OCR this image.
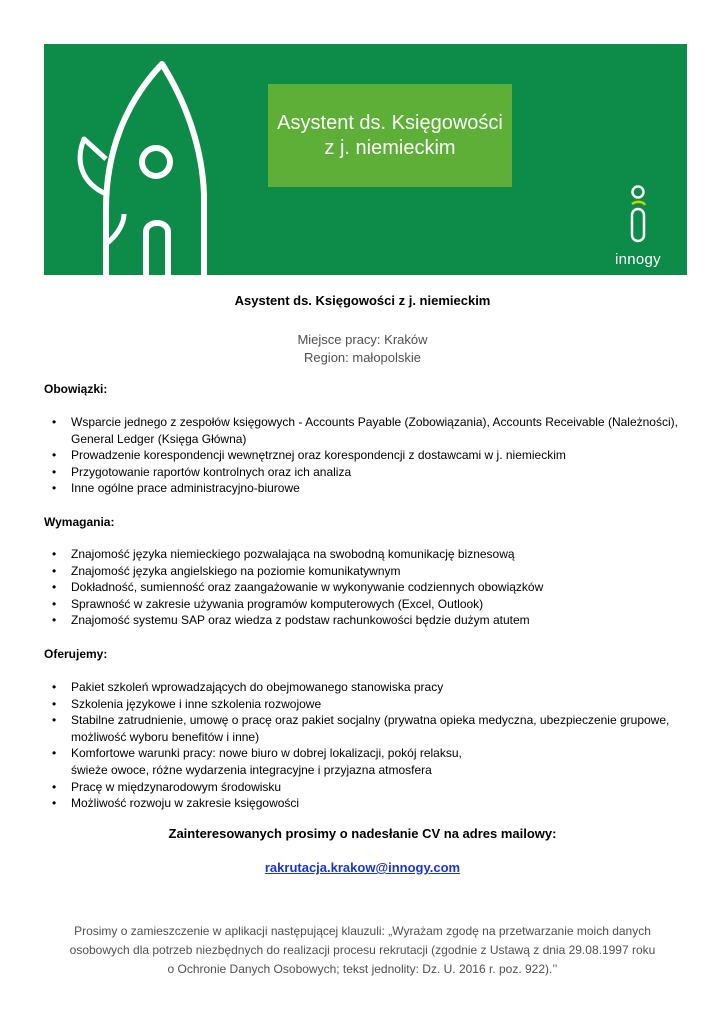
Asystent ds. Księgowości
z j. niemieckim
innogy
Asystent ds. Księgowości z j. niemieckim
Miejsce pracy: Kraków
Region: małopolskie
Obowiązki:
• Wsparcie jednego z zespołów księgowych - Accounts Payable (Zobowiązania), Accounts Receivable (Należności), General Ledger (Księga Główna)
• Prowadzenie korespondencji wewnętrznej oraz korespondencji z dostawcami w j. niemieckim
• Przygotowanie raportów kontrolnych oraz ich analiza
• Inne ogólne prace administracyjno-biurowe
Wymagania:
• Znajomość języka niemieckiego pozwalająca na swobodną komunikację biznesową
• Znajomość języka angielskiego na poziomie komunikatywnym
• Dokładność, sumienność oraz zaangażowanie w wykonywanie codziennych obowiązków
• Sprawność w zakresie używania programów komputerowych (Excel, Outlook)
• Znajomość systemu SAP oraz wiedza z podstaw rachunkowości będzie dużym atutem
Oferujemy:
• Pakiet szkoleń wprowadzających do obejmowanego stanowiska pracy
• Szkolenia językowe i inne szkolenia rozwojowe
• Stabilne zatrudnienie, umowę o pracę oraz pakiet socjalny (prywatna opieka medyczna, ubezpieczenie grupowe, możliwość wyboru benefitów i inne)
• Komfortowe warunki pracy: nowe biuro w dobrej lokalizacji, pokój relaksu, świeże owoce, różne wydarzenia integracyjne i przyjazna atmosfera
• Pracę w międzynarodowym środowisku
• Możliwość rozwoju w zakresie księgowości
Zainteresowanych prosimy o nadesłanie CV na adres mailowy:
rakrutacja.krakow@innogy.com
Prosimy o zamieszczenie w aplikacji następującej klauzuli: „Wyrażam zgodę na przetwarzanie moich danych
osobowych dla potrzeb niezbędnych do realizacji procesu rekrutacji (zgodnie z Ustawą z dnia 29.08.1997 roku
o Ochronie Danych Osobowych; tekst jednolity: Dz. U. 2016 r. poz. 922).’’
